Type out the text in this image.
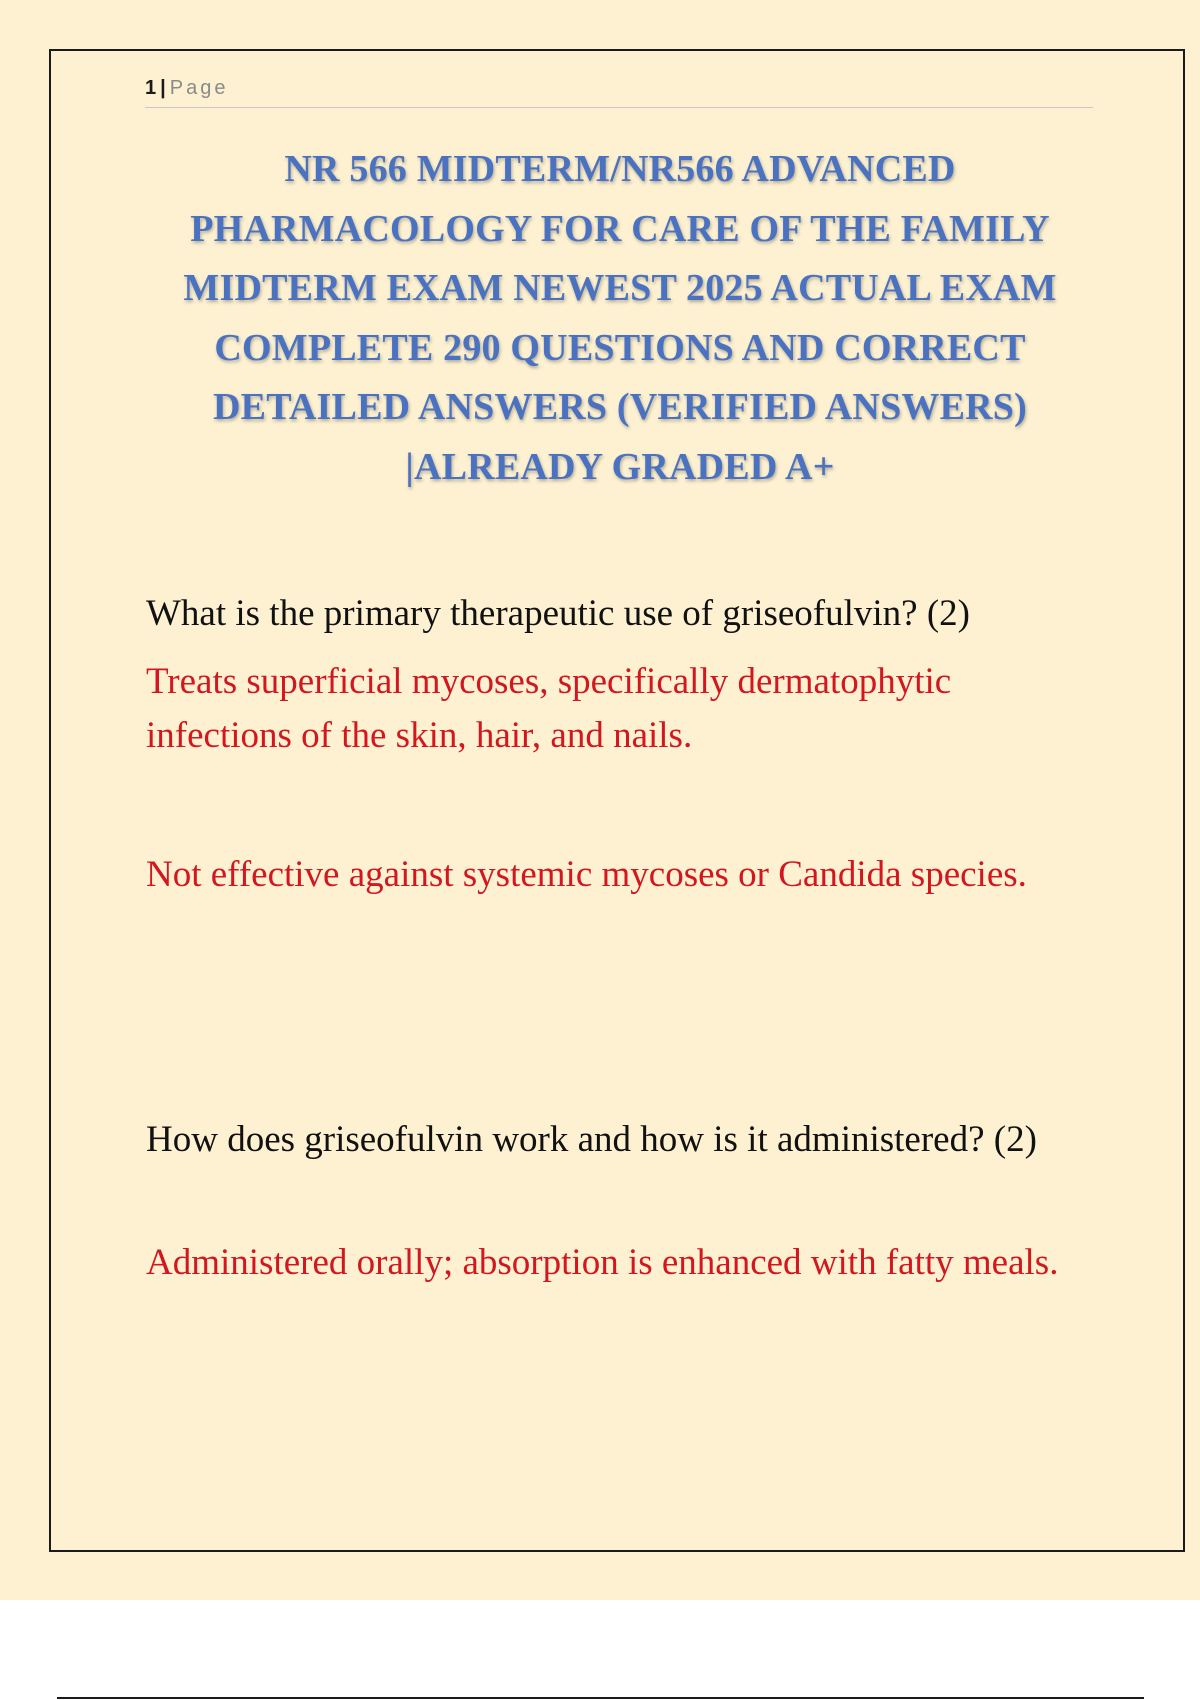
1 | Page
NR 566 MIDTERM/NR566 ADVANCED PHARMACOLOGY FOR CARE OF THE FAMILY MIDTERM EXAM NEWEST 2025 ACTUAL EXAM COMPLETE 290 QUESTIONS AND CORRECT DETAILED ANSWERS (VERIFIED ANSWERS) |ALREADY GRADED A+

What is the primary therapeutic use of griseofulvin? (2)

Treats superficial mycoses, specifically dermatophytic infections of the skin, hair, and nails.

Not effective against systemic mycoses or Candida species.

How does griseofulvin work and how is it administered? (2)

Administered orally; absorption is enhanced with fatty meals.
